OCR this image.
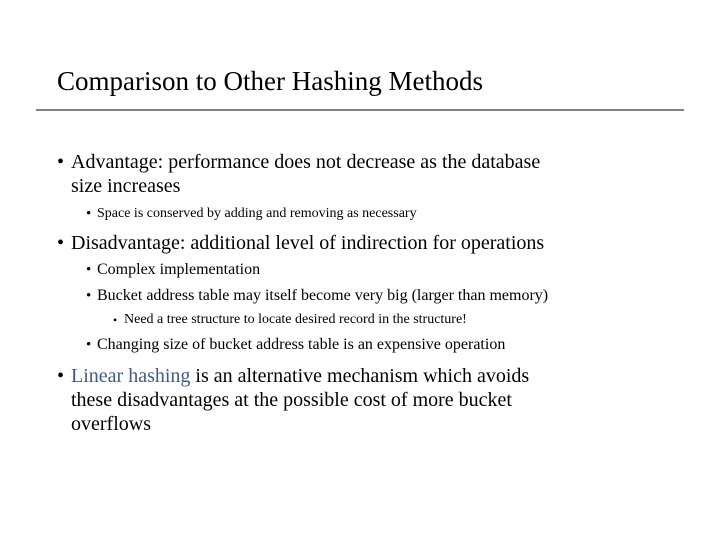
Comparison to Other Hashing Methods
• Advantage: performance does not decrease as the database
size increases
• Space is conserved by adding and removing as necessary
• Disadvantage: additional level of indirection for operations
• Complex implementation
• Bucket address table may itself become very big (larger than memory)
• Need a tree structure to locate desired record in the structure!
• Changing size of bucket address table is an expensive operation
• Linear hashing is an alternative mechanism which avoids
these disadvantages at the possible cost of more bucket
overflows
